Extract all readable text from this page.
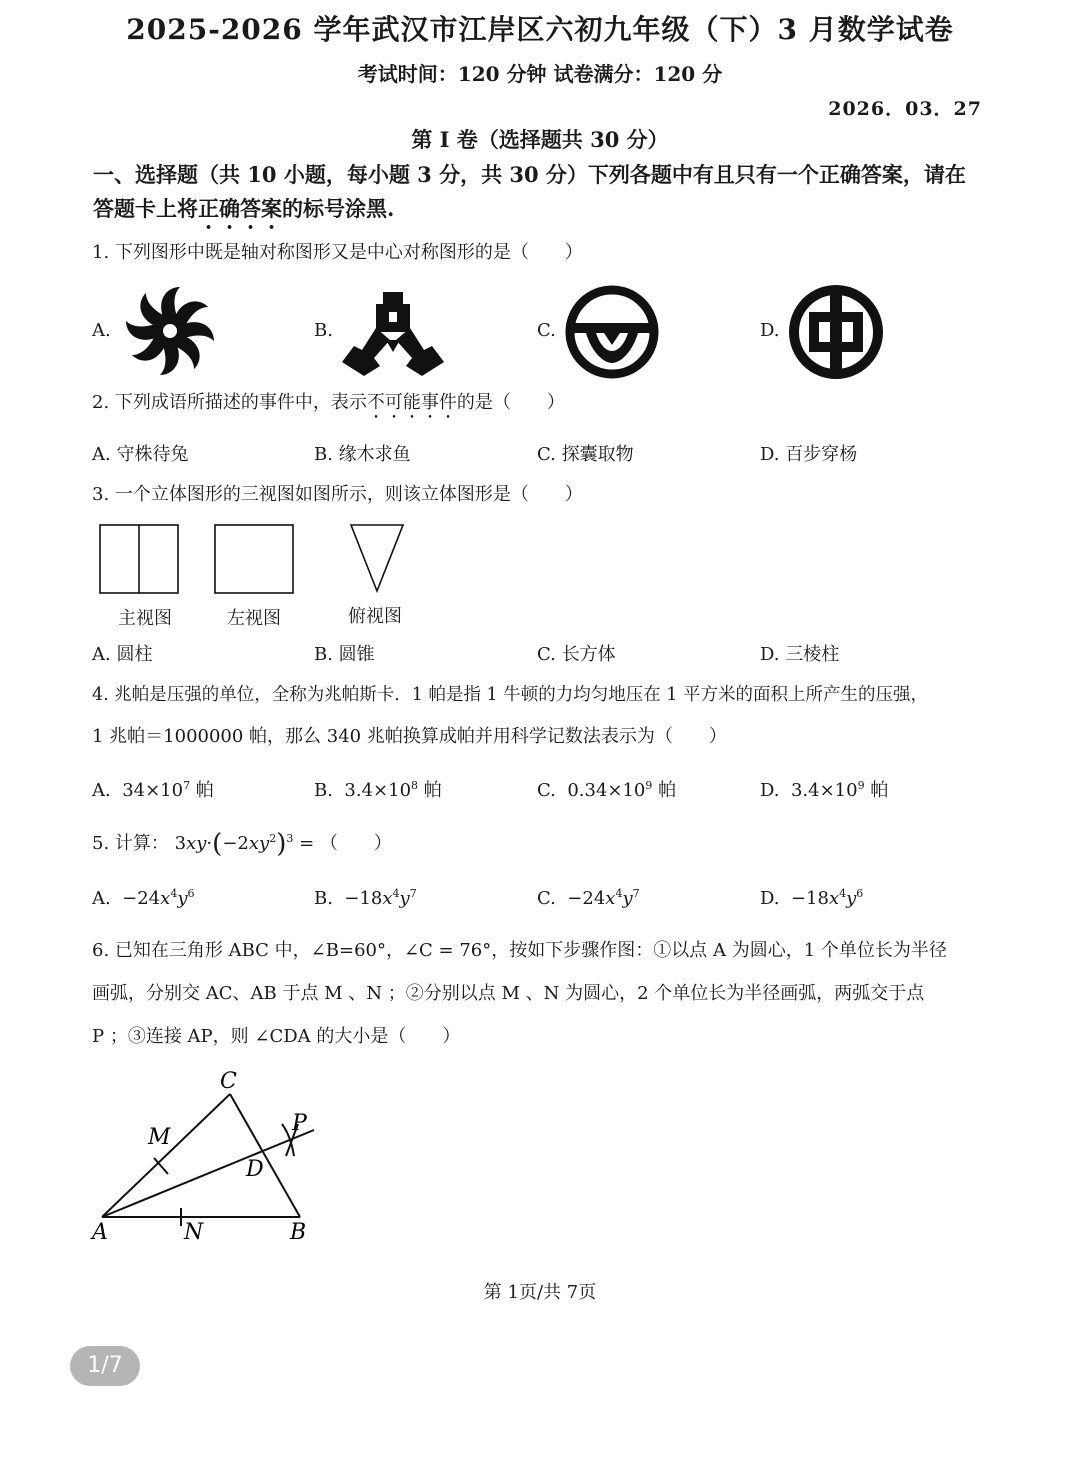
2025-2026 学年武汉市江岸区六初九年级（下）3 月数学试卷
考试时间：120 分钟 试卷满分：120 分
2026．03．27
第 I 卷（选择题共 30 分）
一、选择题（共 10 小题，每小题 3 分，共 30 分）下列各题中有且只有一个正确答案，请在
答题卡上将正确答案的标号涂黑.
1. 下列图形中既是轴对称图形又是中心对称图形的是（　　）
A.	B.	C.	D.
2. 下列成语所描述的事件中，表示不可能事件的是（　　）
A. 守株待兔	B. 缘木求鱼	C. 探囊取物	D. 百步穿杨
3. 一个立体图形的三视图如图所示，则该立体图形是（　　）
主视图	左视图	俯视图
A. 圆柱	B. 圆锥	C. 长方体	D. 三棱柱
4. 兆帕是压强的单位，全称为兆帕斯卡．1 帕是指 1 牛顿的力均匀地压在 1 平方米的面积上所产生的压强，
1 兆帕＝1000000 帕，那么 340 兆帕换算成帕并用科学记数法表示为（　　）
A. $34\times 10^7$ 帕	B. $3.4\times 10^8$ 帕	C. $0.34\times 10^9$ 帕	D. $3.4\times 10^9$ 帕
5. 计算： $3xy\cdot(-2xy^2)^3$ = （　　）
A.  $-24x^4y^6$	B.  $-18x^4y^7$	C.  $-24x^4y^7$	D.  $-18x^4y^6$
6. 已知在三角形 ABC 中，∠B=60°，∠C = 76°，按如下步骤作图：①以点 A 为圆心，1 个单位长为半径
画弧，分别交 AC、AB 于点 M 、N ；②分别以点 M 、N 为圆心，2 个单位长为半径画弧，两弧交于点
P ；③连接 AP，则 ∠CDA 的大小是（　　）
C
M
P
D
A	N	B
第 1页/共 7页
1/7
